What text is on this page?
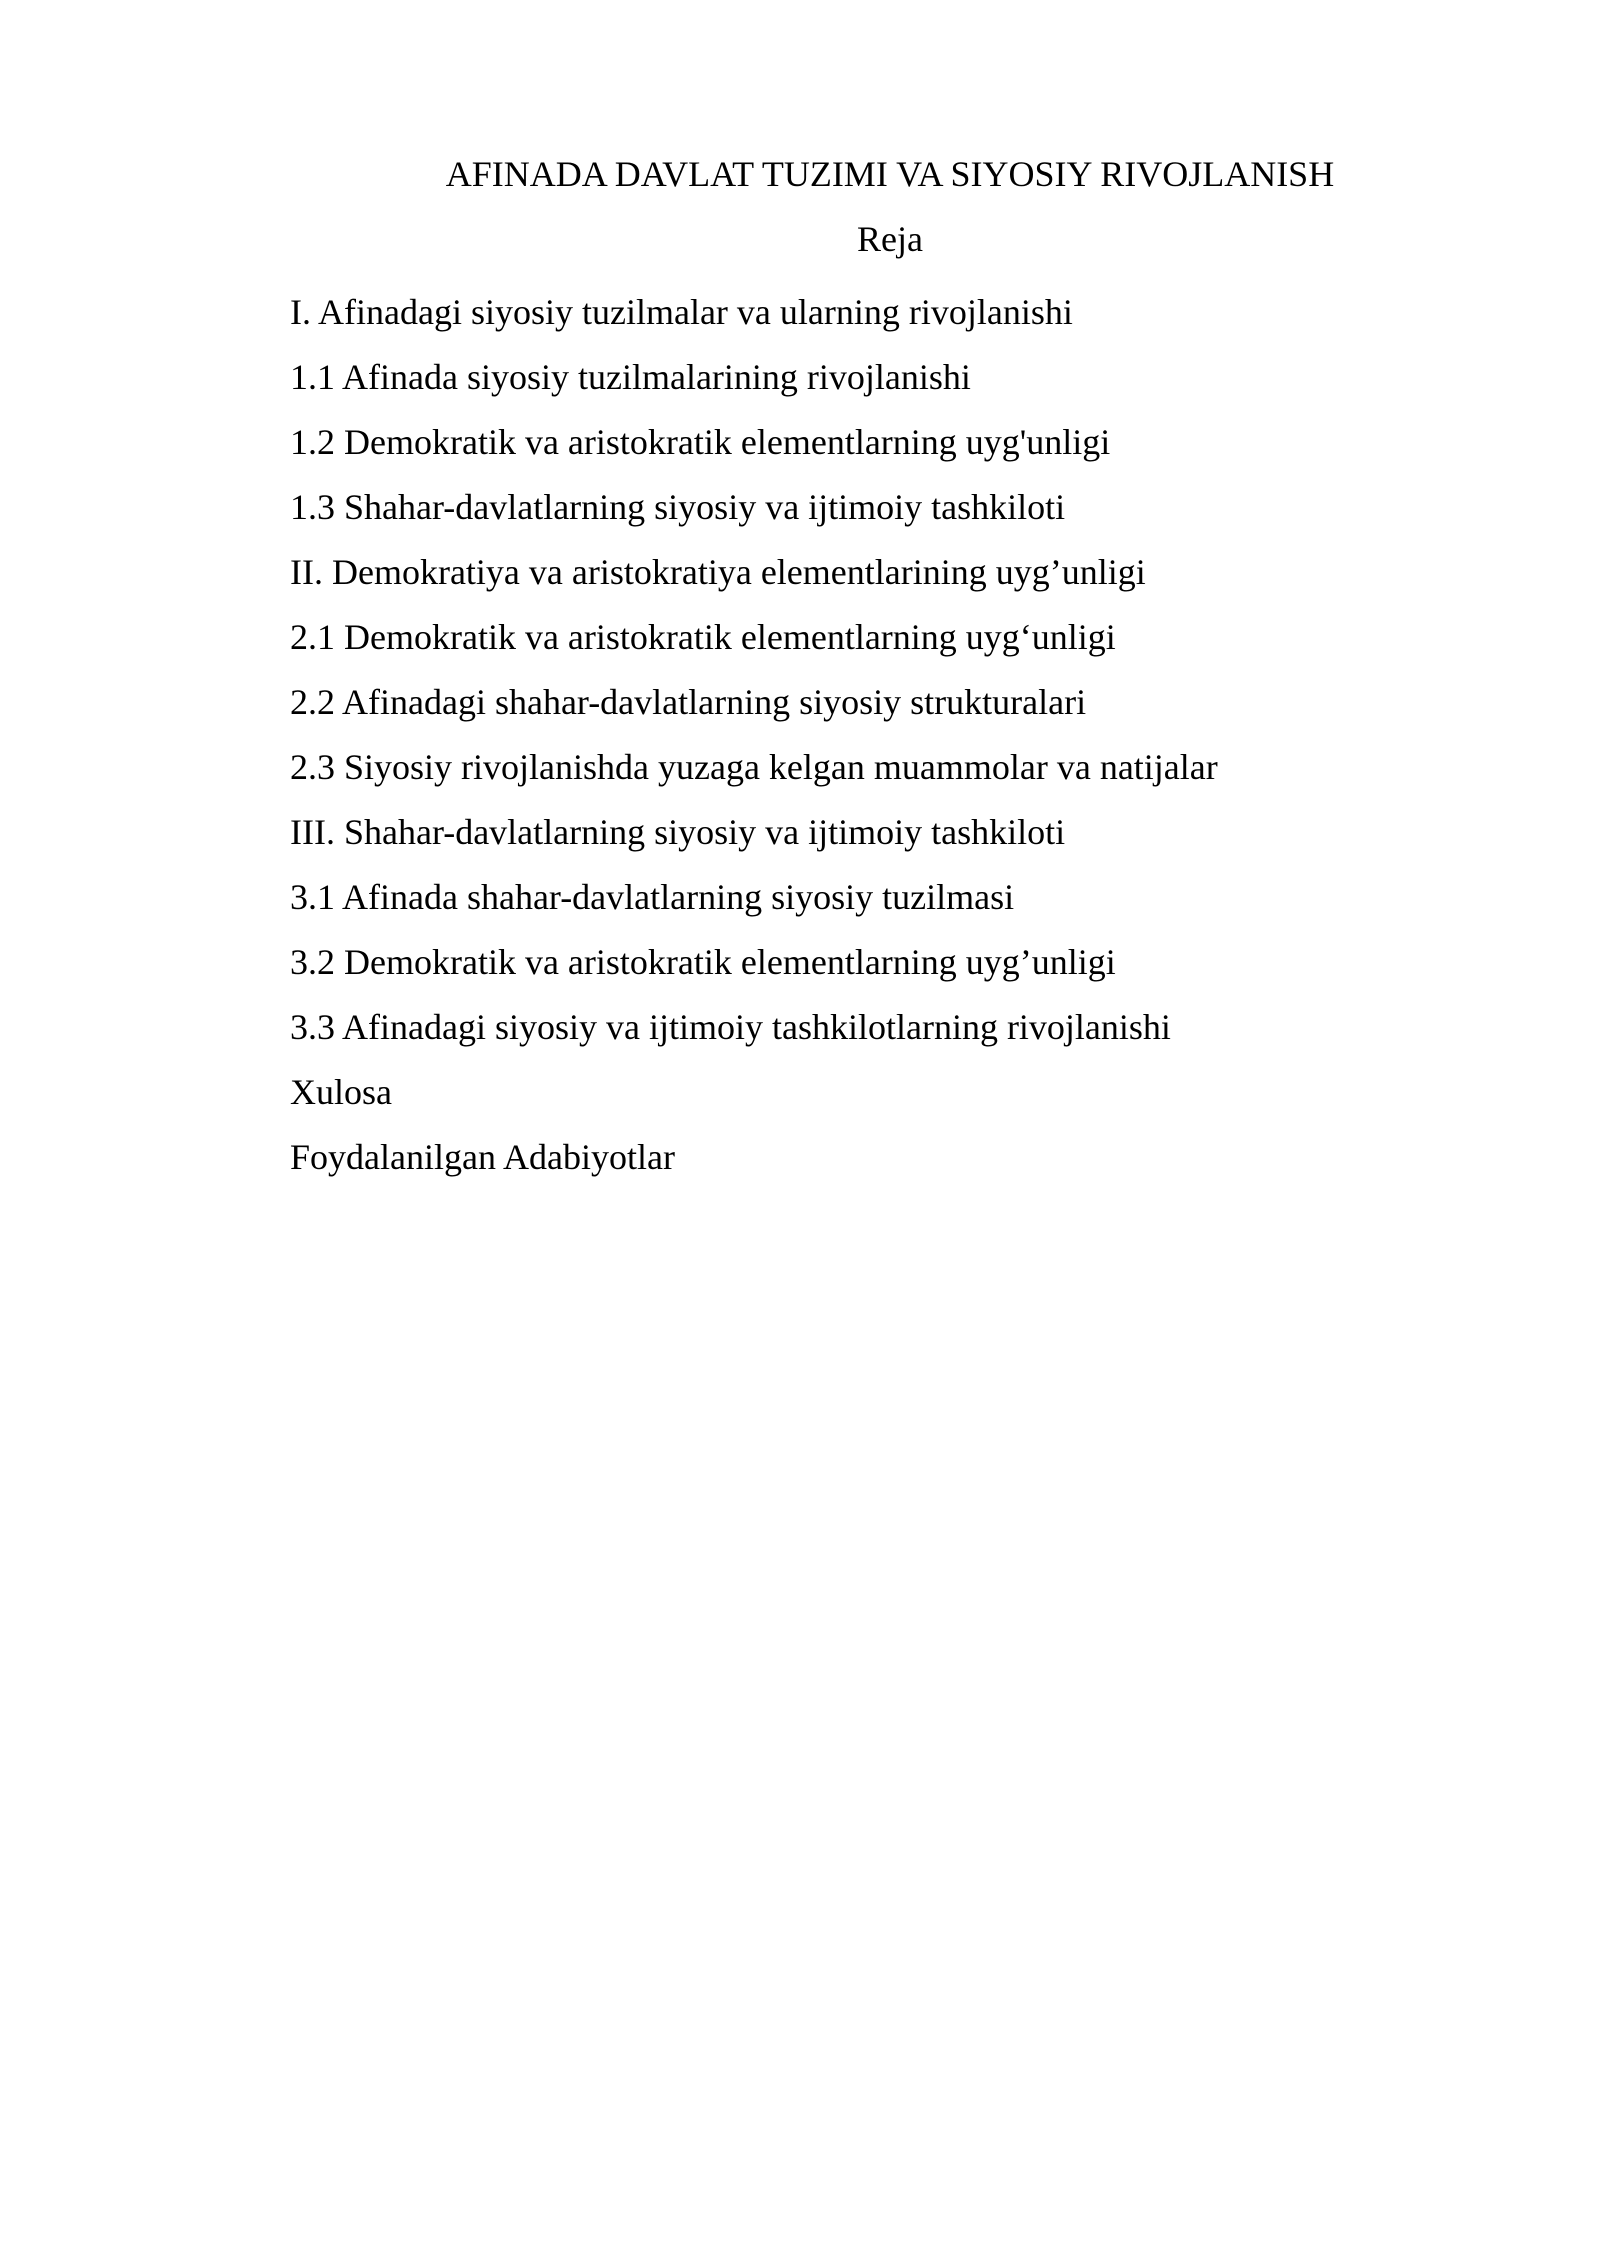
AFINADA DAVLAT TUZIMI VA SIYOSIY RIVOJLANISH
Reja
I. Afinadagi siyosiy tuzilmalar va ularning rivojlanishi
1.1 Afinada siyosiy tuzilmalarining rivojlanishi
1.2 Demokratik va aristokratik elementlarning uyg'unligi
1.3 Shahar-davlatlarning siyosiy va ijtimoiy tashkiloti
II. Demokratiya va aristokratiya elementlarining uyg’unligi
2.1 Demokratik va aristokratik elementlarning uyg‘unligi
2.2 Afinadagi shahar-davlatlarning siyosiy strukturalari
2.3 Siyosiy rivojlanishda yuzaga kelgan muammolar va natijalar
III. Shahar-davlatlarning siyosiy va ijtimoiy tashkiloti
3.1 Afinada shahar-davlatlarning siyosiy tuzilmasi
3.2 Demokratik va aristokratik elementlarning uyg’unligi
3.3 Afinadagi siyosiy va ijtimoiy tashkilotlarning rivojlanishi
Xulosa
Foydalanilgan Adabiyotlar
